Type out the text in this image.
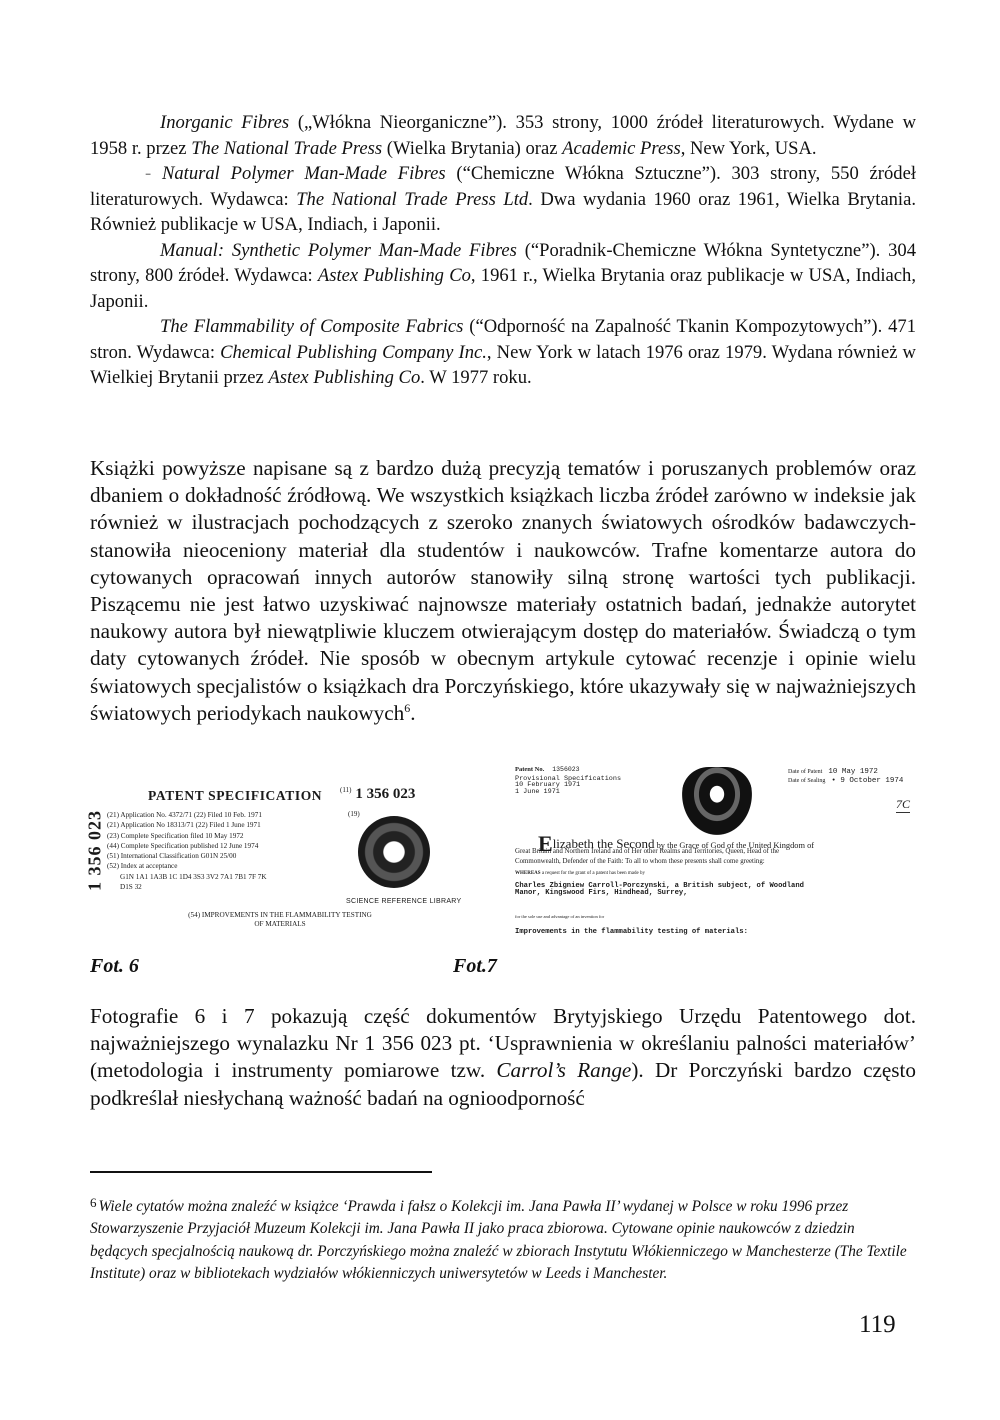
Inorganic Fibres („Włókna Nieorganiczne”). 353 strony, 1000 źródeł literaturowych. Wydane w 1958 r. przez The National Trade Press (Wielka Brytania) oraz Academic Press, New York, USA.

- Natural Polymer Man-Made Fibres (“Chemiczne Włókna Sztuczne”). 303 strony, 550 źródeł literaturowych. Wydawca: The National Trade Press Ltd. Dwa wydania 1960 oraz 1961, Wielka Brytania. Również publikacje w USA, Indiach, i Japonii.

Manual: Synthetic Polymer Man-Made Fibres (“Poradnik-Chemiczne Włókna Syntetyczne”). 304 strony, 800 źródeł. Wydawca: Astex Publishing Co, 1961 r., Wielka Brytania oraz publikacje w USA, Indiach, Japonii.

The Flammability of Composite Fabrics (“Odporność na Zapalność Tkanin Kompozytowych”). 471 stron. Wydawca: Chemical Publishing Company Inc., New York w latach 1976 oraz 1979. Wydana również w Wielkiej Brytanii przez Astex Publishing Co. W 1977 roku.

Książki powyższe napisane są z bardzo dużą precyzją tematów i poruszanych problemów oraz dbaniem o dokładność źródłową. We wszystkich książkach liczba źródeł zarówno w indeksie jak również w ilustracjach pochodzących z szeroko znanych światowych ośrodków badawczych-stanowiła nieoceniony materiał dla studentów i naukowców. Trafne komentarze autora do cytowanych opracowań innych autorów stanowiły silną stronę wartości tych publikacji. Piszącemu nie jest łatwo uzyskiwać najnowsze materiały ostatnich badań, jednakże autorytet naukowy autora był niewątpliwie kluczem otwierającym dostęp do materiałów. Świadczą o tym daty cytowanych źródeł. Nie sposób w obecnym artykule cytować recenzje i opinie wielu światowych specjalistów o książkach dra Porczyńskiego, które ukazywały się w najważniejszych światowych periodykach naukowych$^6$.

PATENT SPECIFICATION	$^{(11)}$ 1 356 023
1 356 023 (21) Application No. 4372/71 (22) Filed 10 Feb. 1971
(21) Application No 18313/71 (22) Filed 1 June 1971
(23) Complete Specification filed 10 May 1972
(44) Complete Specification published 12 June 1974
(51) International Classification G01N 25/00
(52) Index at acceptance
G1N 1A1 1A3B 1C 1D4 3S3 3V2 7A1 7B1 7F 7K
D1S 32
(19)
SCIENCE REFERENCE LIBRARY
(54) IMPROVEMENTS IN THE FLAMMABILITY TESTING
OF MATERIALS
Patent No. 1356023
Provisional Specifications
10 February 1971
1 June 1971
Date of Patent 10 May 1972
Date of Sealing • 9 October 1974
7C
Elizabeth the Second by the Grace of God of the United Kingdom of
Great Britain and Northern Ireland and of Her other Realms and Territories, Queen, Head of the
Commonwealth, Defender of the Faith: To all to whom these presents shall come greeting:
WHEREAS a request for the grant of a patent has been made by
Charles Zbigniew Carroll-Porczynski, a British subject, of Woodland
Manor, Kingswood Firs, Hindhead, Surrey,
for the sole use and advantage of an invention for
Improvements in the flammability testing of materials:
Fot. 6	Fot.7

Fotografie 6 i 7 pokazują część dokumentów Brytyjskiego Urzędu Patentowego dot. najważniejszego wynalazku Nr 1 356 023 pt. ‘Usprawnienia w określaniu palności materiałów’ (metodologia i instrumenty pomiarowe tzw. Carrol’s Range). Dr Porczyński bardzo często podkreślał niesłychaną ważność badań na ognioodporność

$^6$ Wiele cytatów można znaleźć w książce ‘Prawda i fałsz o Kolekcji im. Jana Pawła II’ wydanej w Polsce w roku 1996 przez Stowarzyszenie Przyjaciół Muzeum Kolekcji im. Jana Pawła II jako praca zbiorowa. Cytowane opinie naukowców z dziedzin będących specjalnością naukową dr. Porczyńskiego można znaleźć w zbiorach Instytutu Włókienniczego w Manchesterze (The Textile Institute) oraz w bibliotekach wydziałów włókienniczych uniwersytetów w Leeds i Manchester.

119
